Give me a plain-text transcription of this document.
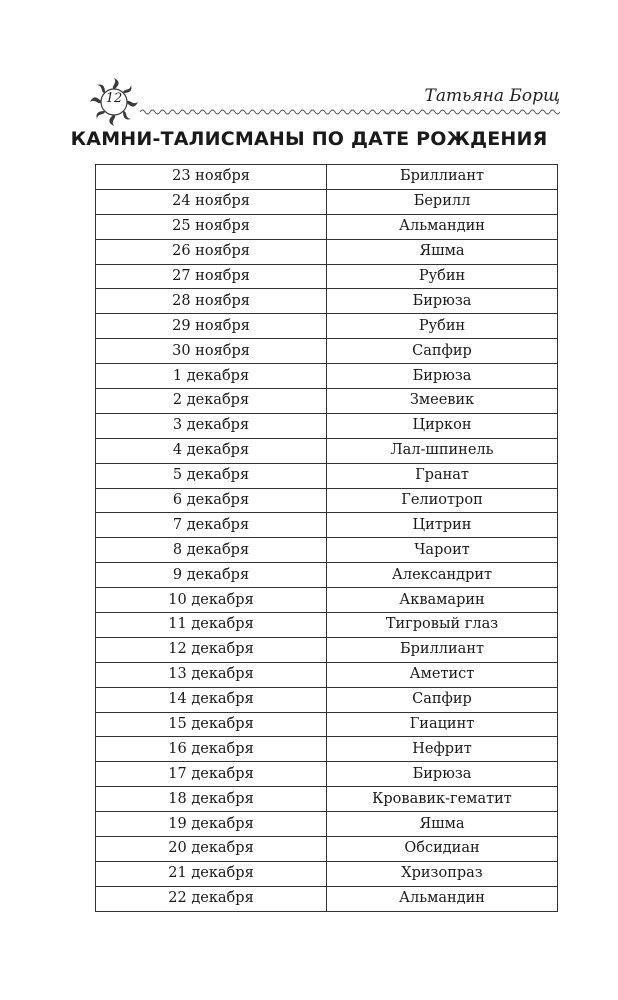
12	Татьяна Борщ
КАМНИ-ТАЛИСМАНЫ ПО ДАТЕ РОЖДЕНИЯ
23 ноября	Бриллиант
24 ноября	Берилл
25 ноября	Альмандин
26 ноября	Яшма
27 ноября	Рубин
28 ноября	Бирюза
29 ноября	Рубин
30 ноября	Сапфир
1 декабря	Бирюза
2 декабря	Змеевик
3 декабря	Циркон
4 декабря	Лал-шпинель
5 декабря	Гранат
6 декабря	Гелиотроп
7 декабря	Цитрин
8 декабря	Чароит
9 декабря	Александрит
10 декабря	Аквамарин
11 декабря	Тигровый глаз
12 декабря	Бриллиант
13 декабря	Аметист
14 декабря	Сапфир
15 декабря	Гиацинт
16 декабря	Нефрит
17 декабря	Бирюза
18 декабря	Кровавик-гематит
19 декабря	Яшма
20 декабря	Обсидиан
21 декабря	Хризопраз
22 декабря	Альмандин
